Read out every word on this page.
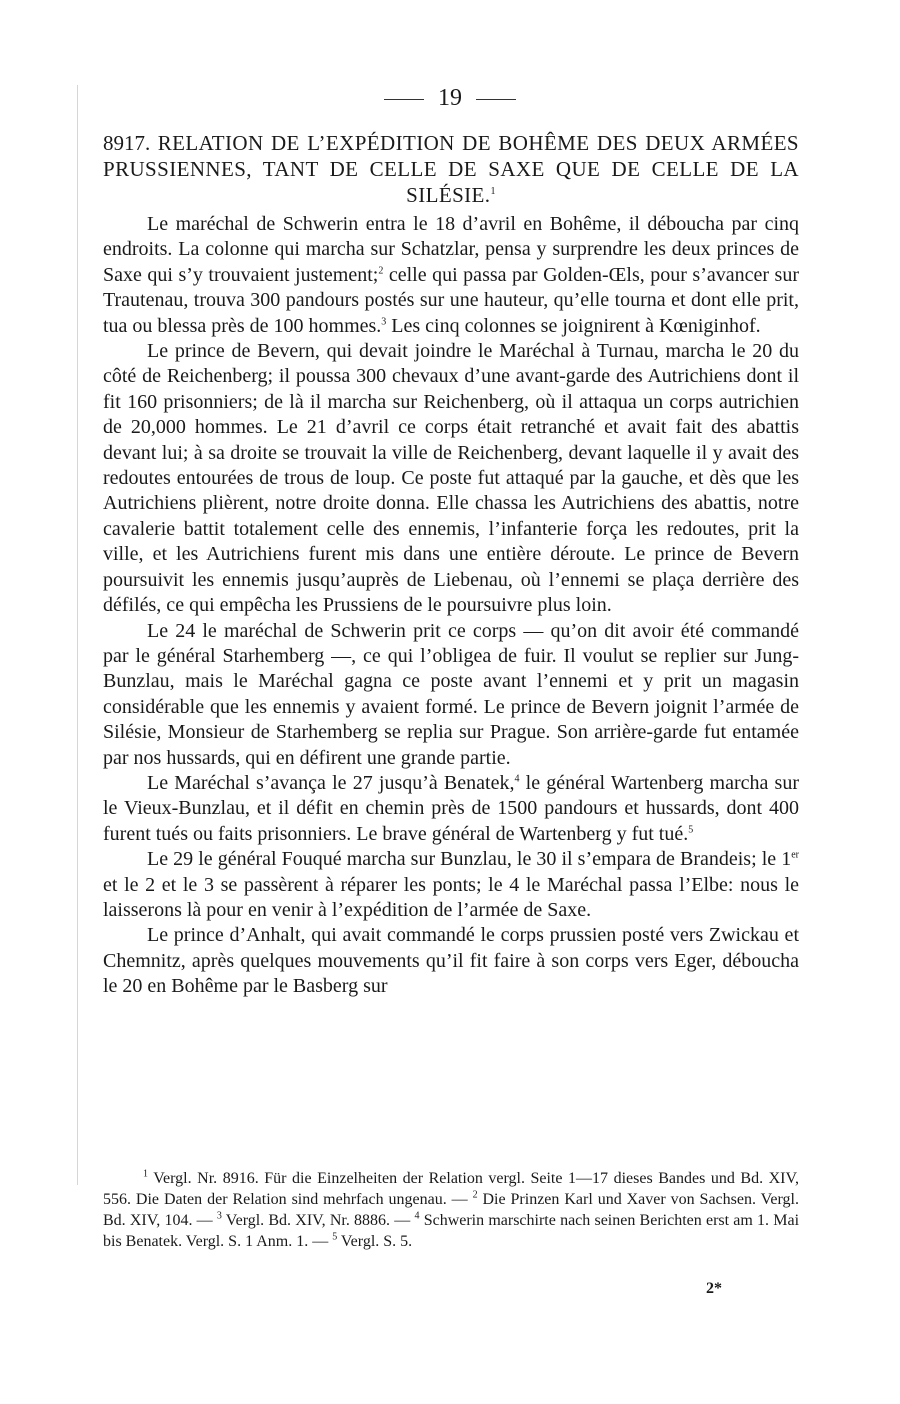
19
8917. RELATION DE L’EXPÉDITION DE BOHÊME DES DEUX ARMÉES PRUSSIENNES, TANT DE CELLE DE SAXE QUE DE CELLE DE LA SILÉSIE.$^1$

Le maréchal de Schwerin entra le 18 d’avril en Bohême, il déboucha par cinq endroits. La colonne qui marcha sur Schatzlar, pensa y surprendre les deux princes de Saxe qui s’y trouvaient justement;$^2$ celle qui passa par Golden-Œls, pour s’avancer sur Trautenau, trouva 300 pandours postés sur une hauteur, qu’elle tourna et dont elle prit, tua ou blessa près de 100 hommes.$^3$ Les cinq colonnes se joignirent à Kœniginhof.

Le prince de Bevern, qui devait joindre le Maréchal à Turnau, marcha le 20 du côté de Reichenberg; il poussa 300 chevaux d’une avant-garde des Autrichiens dont il fit 160 prisonniers; de là il marcha sur Reichenberg, où il attaqua un corps autrichien de 20,000 hommes. Le 21 d’avril ce corps était retranché et avait fait des abattis devant lui; à sa droite se trouvait la ville de Reichenberg, devant laquelle il y avait des redoutes entourées de trous de loup. Ce poste fut attaqué par la gauche, et dès que les Autrichiens plièrent, notre droite donna. Elle chassa les Autrichiens des abattis, notre cavalerie battit totalement celle des ennemis, l’infanterie força les redoutes, prit la ville, et les Autrichiens furent mis dans une entière déroute. Le prince de Bevern poursuivit les ennemis jusqu’auprès de Liebenau, où l’ennemi se plaça derrière des défilés, ce qui empêcha les Prussiens de le poursuivre plus loin.

Le 24 le maréchal de Schwerin prit ce corps — qu’on dit avoir été commandé par le général Starhemberg —, ce qui l’obligea de fuir. Il voulut se replier sur Jung-Bunzlau, mais le Maréchal gagna ce poste avant l’ennemi et y prit un magasin considérable que les ennemis y avaient formé. Le prince de Bevern joignit l’armée de Silésie, Monsieur de Starhemberg se replia sur Prague. Son arrière-garde fut entamée par nos hussards, qui en défirent une grande partie.

Le Maréchal s’avança le 27 jusqu’à Benatek,$^4$ le général Wartenberg marcha sur le Vieux-Bunzlau, et il défit en chemin près de 1500 pandours et hussards, dont 400 furent tués ou faits prisonniers. Le brave général de Wartenberg y fut tué.$^5$

Le 29 le général Fouqué marcha sur Bunzlau, le 30 il s’empara de Brandeis; le 1er et le 2 et le 3 se passèrent à réparer les ponts; le 4 le Maréchal passa l’Elbe: nous le laisserons là pour en venir à l’expédition de l’armée de Saxe.

Le prince d’Anhalt, qui avait commandé le corps prussien posté vers Zwickau et Chemnitz, après quelques mouvements qu’il fit faire à son corps vers Eger, déboucha le 20 en Bohême par le Basberg sur

$^1$ Vergl. Nr. 8916. Für die Einzelheiten der Relation vergl. Seite 1—17 dieses Bandes und Bd. XIV, 556. Die Daten der Relation sind mehrfach ungenau. — $^2$ Die Prinzen Karl und Xaver von Sachsen. Vergl. Bd. XIV, 104. — $^3$ Vergl. Bd. XIV, Nr. 8886. — $^4$ Schwerin marschirte nach seinen Berichten erst am 1. Mai bis Benatek. Vergl. S. 1 Anm. 1. — $^5$ Vergl. S. 5.

2*
